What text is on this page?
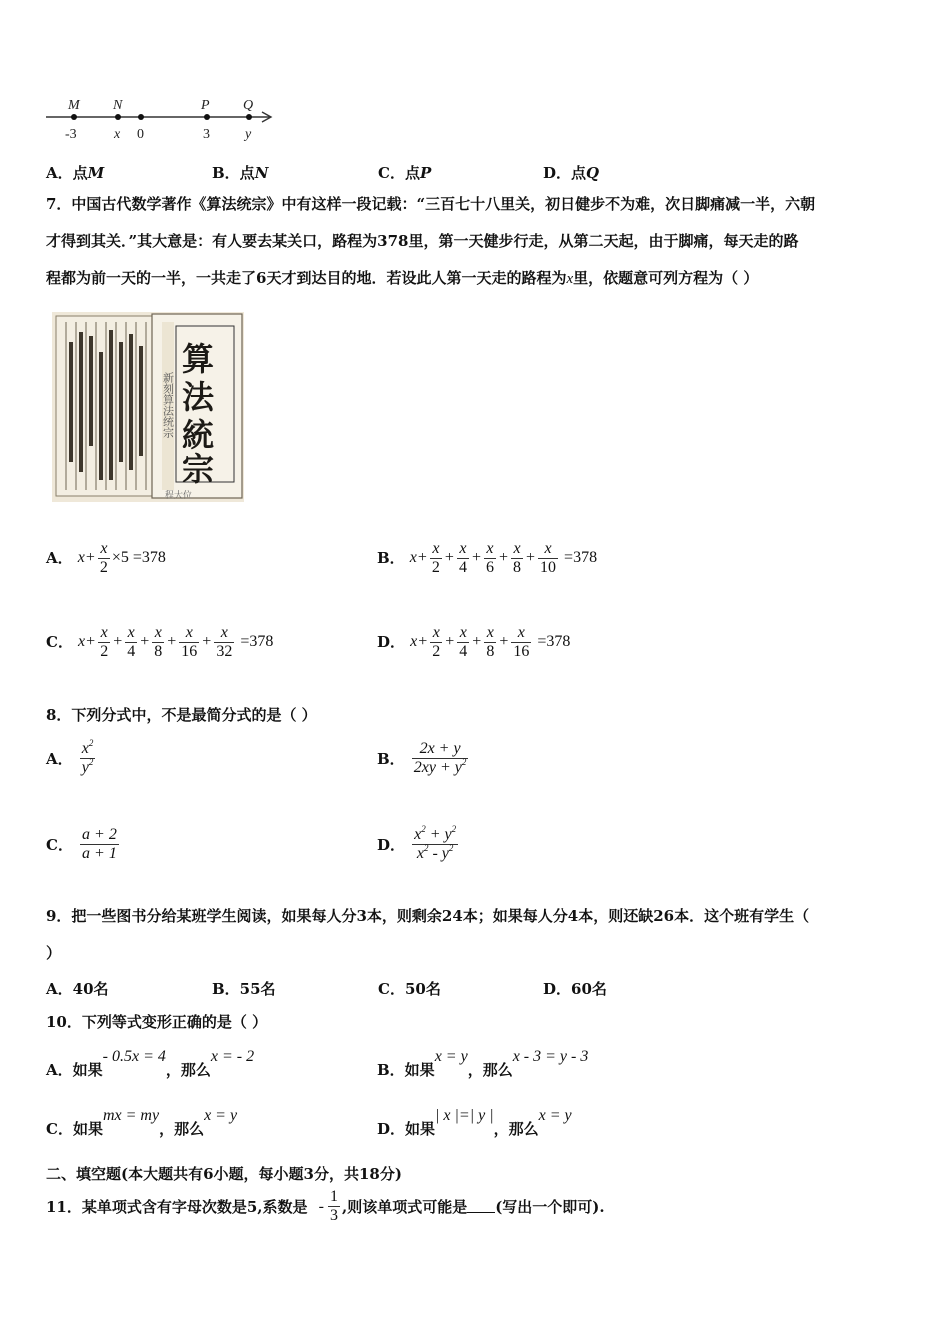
M N	P Q
-3	x 0	3	y
A．点M	B．点N	C．点P	D．点Q
7．中国古代数学著作《算法统宗》中有这样一段记载：“三百七十八里关，初日健步不为难，次日脚痛减一半，六朝
才得到其关．”其大意是：有人要去某关口，路程为378里，第一天健步行走，从第二天起，由于脚痛，每天走的路
程都为前一天的一半，一共走了6天才到达目的地．若设此人第一天走的路程为x里，依题意可列方程为（ ）
新刻算法统宗
算
法
統
宗
程大位
A． $x+ \frac{x}{2} \times 5 =378$	B． $x+ \frac{x}{2} + \frac{x}{4} + \frac{x}{6} + \frac{x}{8} + \frac{x}{10} =378$
C． $x+ \frac{x}{2} + \frac{x}{4} + \frac{x}{8} + \frac{x}{16} + \frac{x}{32} =378$	D． $x+ \frac{x}{2} + \frac{x}{4} + \frac{x}{8} + \frac{x}{16} =378$
8．下列分式中，不是最简分式的是（ ）
A． $\frac{x^2}{y^2}$	B． $\frac{2x + y}{2xy + y^2}$
C． $\frac{a + 2}{a + 1}$	D． $\frac{x^2 + y^2}{x^2 - y^2}$
9．把一些图书分给某班学生阅读，如果每人分3本，则剩余24本；如果每人分4本，则还缺26本．这个班有学生（
）
A．40名	B．55名	C．50名	D．60名
10．下列等式变形正确的是（ ）
A．如果- 0.5x = 4，那么x = - 2
B．如果x = y，那么x - 3 = y - 3
C．如果mx = my，那么x = y
D．如果| x |=| y |，那么x = y
二、填空题(本大题共有6小题，每小题3分，共18分)
11．某单项式含有字母次数是5,系数是 - $\frac{1}{3}$ ,则该单项式可能是 (写出一个即可).
